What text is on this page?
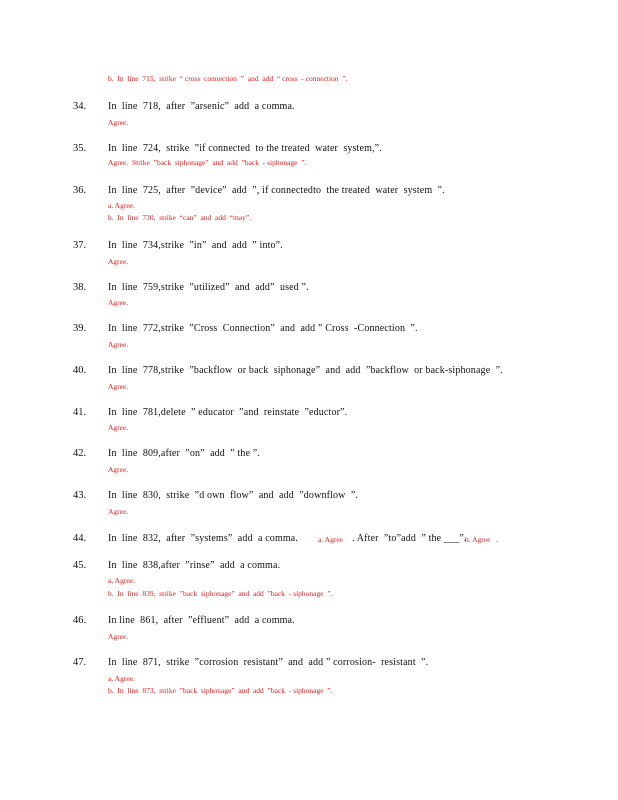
b.  In  line  715,  strike  “ cross  connection  ”  and  add  “ cross  - connection  ”.
34. In  line  718,  after  ”arsenic”  add  a comma.
Agree.
35. In  line  724,  strike  ”if connected  to the treated  water  system,”.
Agree.  Strike  ”back  siphonage”  and  add  ”back  - siphonage  ”.
36. In  line  725,  after  ”device”  add  ”, if connectedto  the treated  water  system  ”.
a. Agree.
b.  In  line  730,  strike  “can”  and  add  “may”.
37. In  line  734,strike  ”in”  and  add  ” into”.
Agree.
38. In  line  759,strike  ”utilized”  and  add”  used ”.
Agree.
39. In  line  772,strike  ”Cross  Connection”  and  add ” Cross  -Connection  ”.
Agree.
40. In  line  778,strike  ”backflow  or back  siphonage”  and  add  ”backflow  or back-siphonage  ”.
Agree.
41. In  line  781,delete  ” educator  ”and  reinstate  ”eductor”.
Agree.
42. In  line  809,after  ”on”  add  ” the ”.
Agree.
43. In  line  830,  strike  ”d own  flow”  and  add  ”downflow  ”.
Agree.
44. In  line  832,  after  ”systems”  add  a comma.	a. Agree . After  ”to”add  ” the ___”.
b. Agree   .
45. In  line  838,after  ”rinse”  add  a comma.
a. Agree.
b.  In  line  839,  strike  ”back  siphonage”  and  add  ”back  - siphonage  ”.
46. In line  861,  after  ”effluent”  add  a comma.
Agree.
47. In  line  871,  strike  ”corrosion  resistant”  and  add ” corrosion-  resistant  ”.
a. Agree.
b.  In  line  873,  strike  ”back  siphonage”  and  add  ”back  - siphonage  ”.
